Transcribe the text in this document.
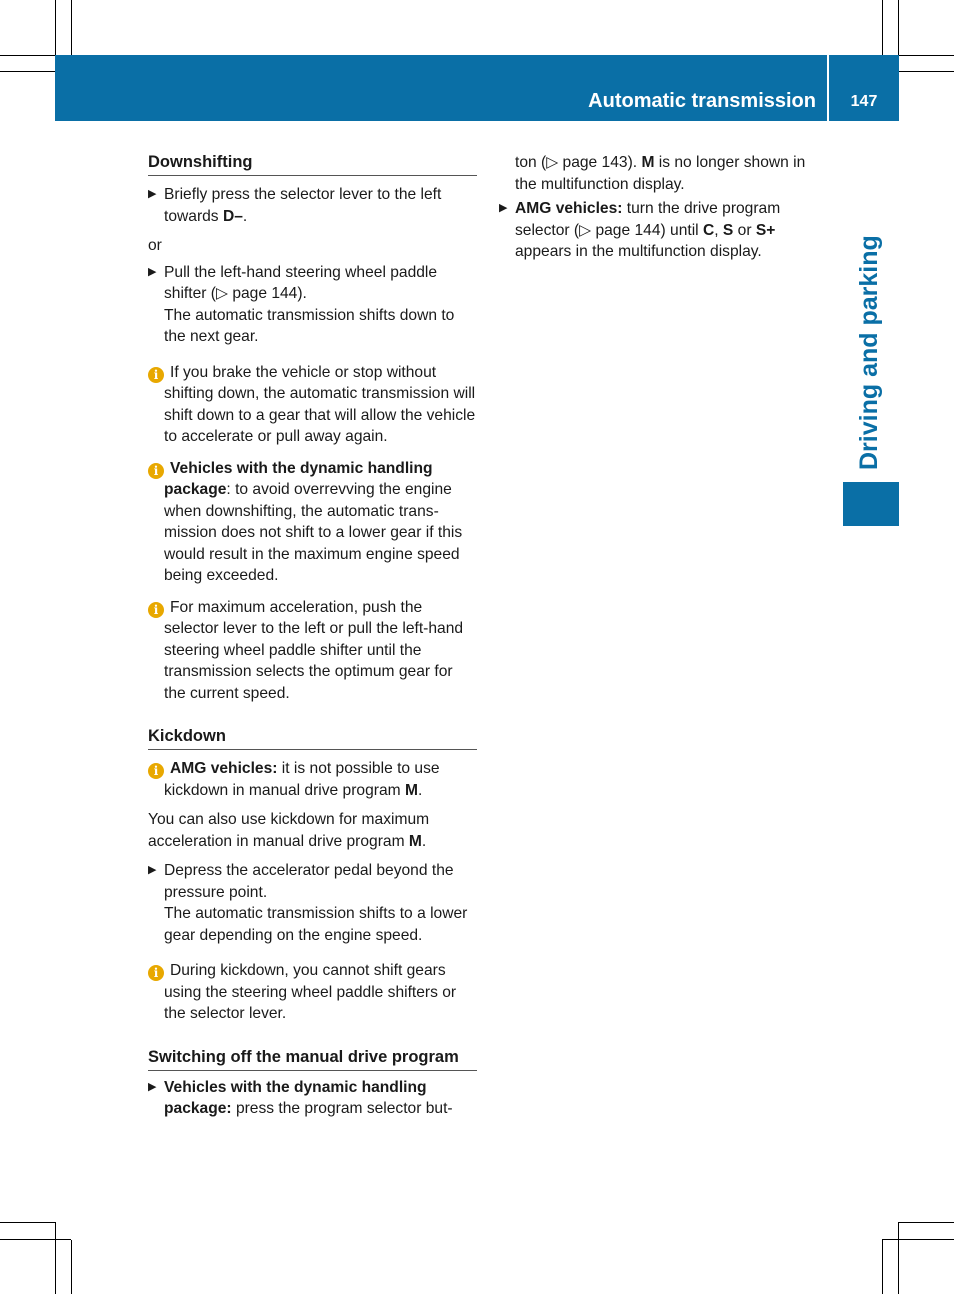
Automatic transmission	147
Driving and parking
Downshifting
▶ Briefly press the selector lever to the left towards D–.

or

▶ Pull the left-hand steering wheel paddle shifter (▷ page 144).
The automatic transmission shifts down to the next gear.
i If you brake the vehicle or stop without shifting down, the automatic transmission will shift down to a gear that will allow the vehicle to accelerate or pull away again.
i Vehicles with the dynamic handling package: to avoid overrevving the engine when downshifting, the automatic trans-mission does not shift to a lower gear if this would result in the maximum engine speed being exceeded.
i For maximum acceleration, push the selector lever to the left or pull the left-hand steering wheel paddle shifter until the transmission selects the optimum gear for the current speed.
Kickdown
i AMG vehicles: it is not possible to use kickdown in manual drive program M.

You can also use kickdown for maximum acceleration in manual drive program M.

▶ Depress the accelerator pedal beyond the pressure point.
The automatic transmission shifts to a lower gear depending on the engine speed.
i During kickdown, you cannot shift gears using the steering wheel paddle shifters or the selector lever.
Switching off the manual drive program
▶ Vehicles with the dynamic handling package: press the program selector but-
ton (▷ page 143). M is no longer shown in the multifunction display.
▶ AMG vehicles: turn the drive program selector (▷ page 144) until C, S or S+ appears in the multifunction display.
